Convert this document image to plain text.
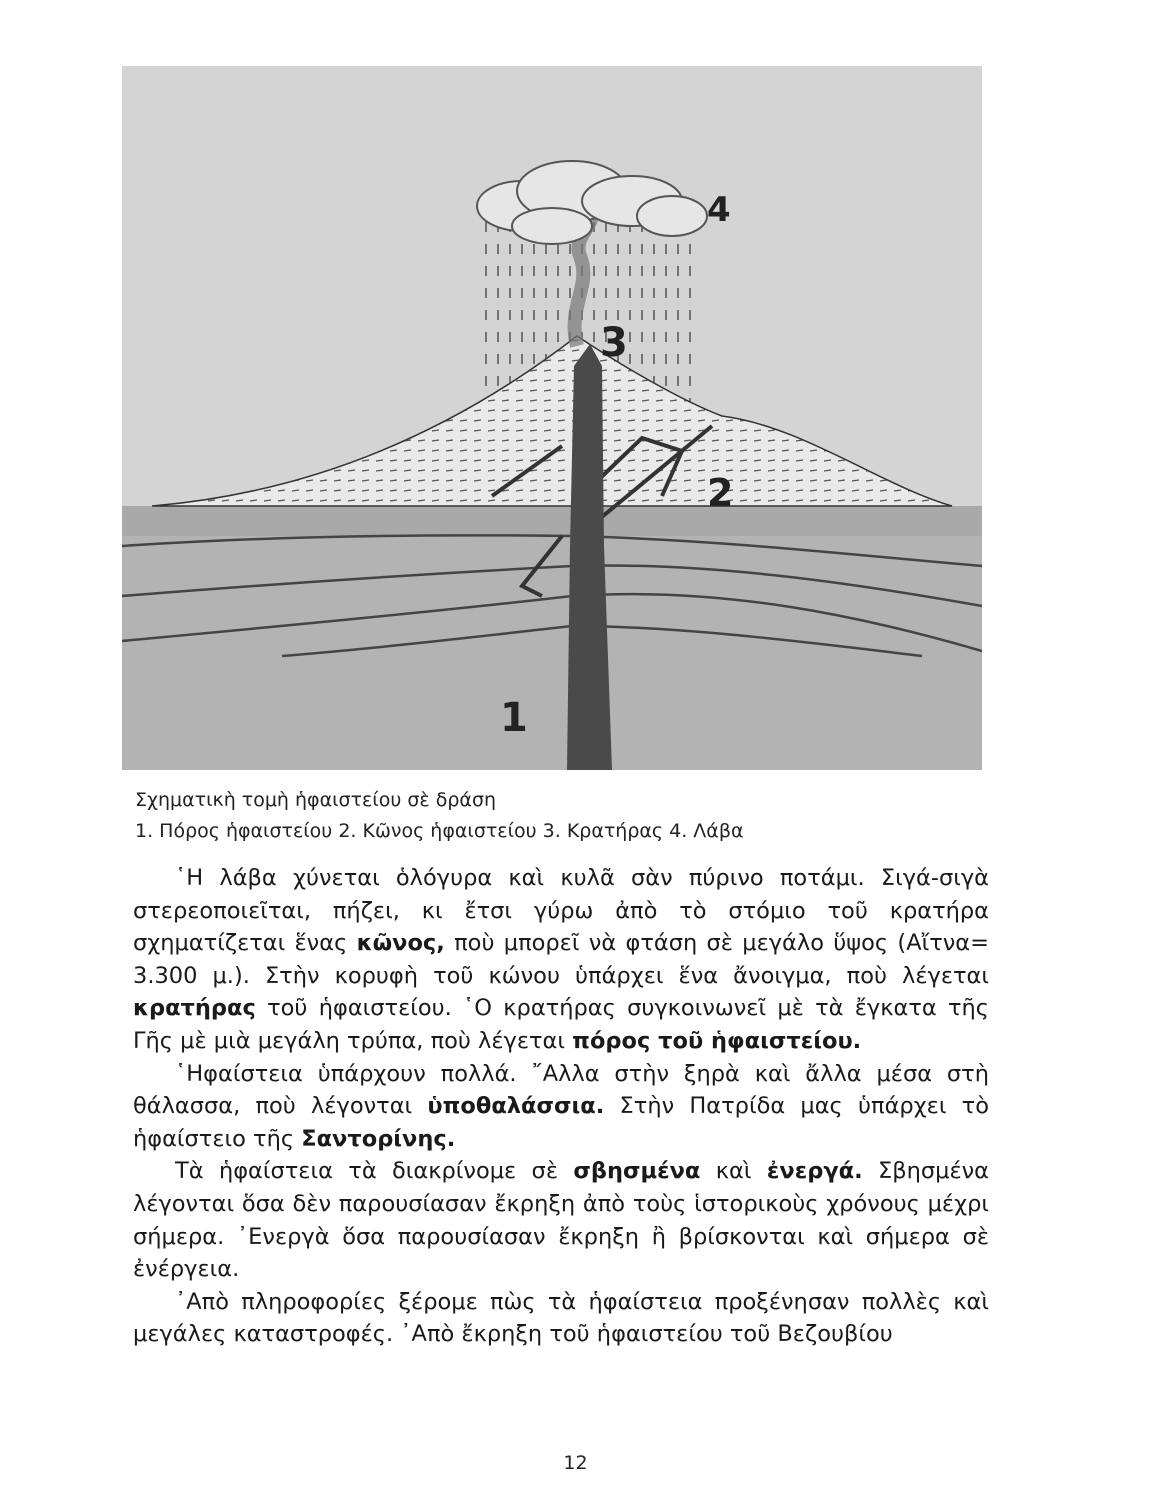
4
3
2
1
Σχηματικὴ τομὴ ἡφαιστείου σὲ δράση
1. Πόρος ἡφαιστείου 2. Κῶνος ἡφαιστείου 3. Κρατήρας 4. Λάβα

῾Η λάβα χύνεται ὁλόγυρα καὶ κυλᾶ σὰν πύρινο ποτάμι. Σιγά-σιγὰ στερεοποιεῖται, πήζει, κι ἔτσι γύρω ἀπὸ τὸ στόμιο τοῦ κρατήρα σχηματίζεται ἕνας κῶνος, ποὺ μπορεῖ νὰ φτάση σὲ μεγάλο ὕψος (Αἴτνα= 3.300 μ.). Στὴν κορυφὴ τοῦ κώνου ὑπάρχει ἕνα ἄνοιγμα, ποὺ λέγεται κρατήρας τοῦ ἡφαιστείου. ῾Ο κρατήρας συγκοινωνεῖ μὲ τὰ ἔγκατα τῆς Γῆς μὲ μιὰ μεγάλη τρύπα, ποὺ λέγεται πόρος τοῦ ἡφαιστείου.

῾Ηφαίστεια ὑπάρχουν πολλά. ῎Αλλα στὴν ξηρὰ καὶ ἄλλα μέσα στὴ θάλασσα, ποὺ λέγονται ὑποθαλάσσια. Στὴν Πατρίδα μας ὑπάρχει τὸ ἡφαίστειο τῆς Σαντορίνης.

Τὰ ἡφαίστεια τὰ διακρίνομε σὲ σβησμένα καὶ ἐνεργά. Σβησμένα λέγονται ὅσα δὲν παρουσίασαν ἔκρηξη ἀπὸ τοὺς ἱστορικοὺς χρόνους μέχρι σήμερα. ᾿Ενεργὰ ὅσα παρουσίασαν ἔκρηξη ἢ βρίσκονται καὶ σήμερα σὲ ἐνέργεια.

᾿Απὸ πληροφορίες ξέρομε πὼς τὰ ἡφαίστεια προξένησαν πολλὲς καὶ μεγάλες καταστροφές. ᾿Απὸ ἔκρηξη τοῦ ἡφαιστείου τοῦ Βεζουβίου

12
